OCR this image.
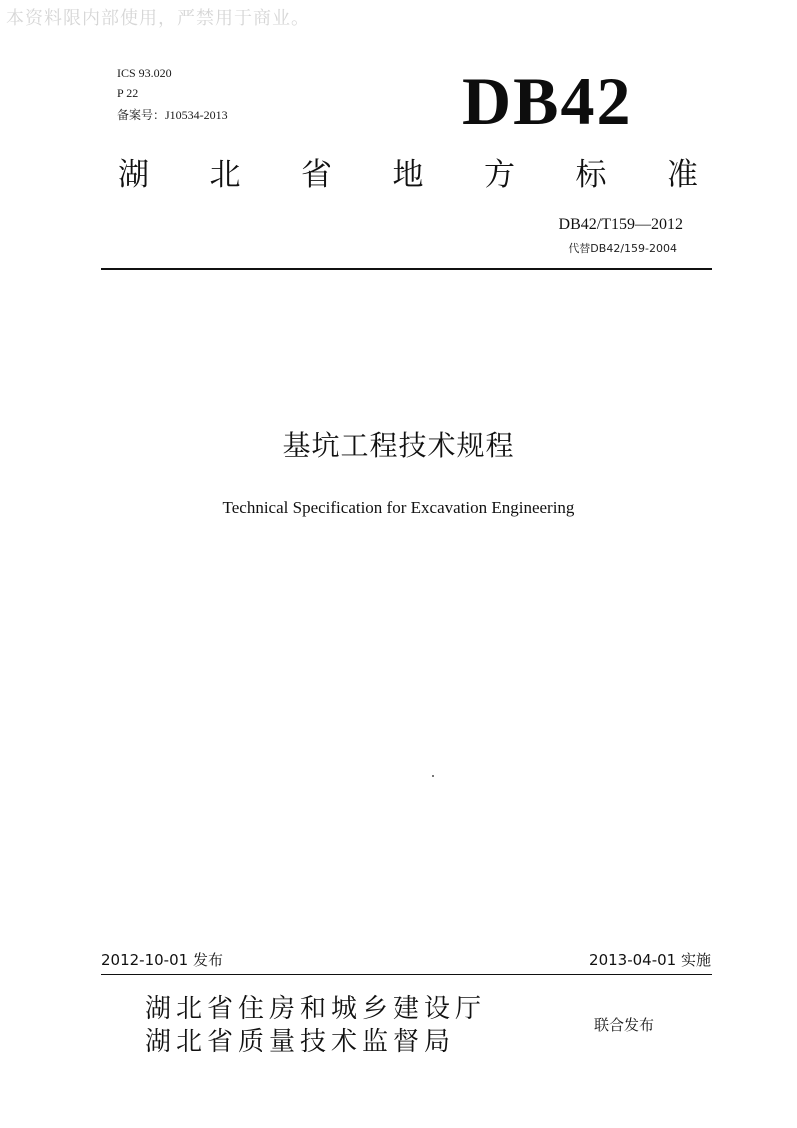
本资料限内部使用，严禁用于商业。
ICS 93.020
P 22
备案号：J10534-2013	DB42
湖 北 省 地 方 标 准
DB42/T159—2012
代替DB42/159-2004
基坑工程技术规程
Technical Specification for Excavation Engineering
2012-10-01 发布	2013-04-01 实施
湖北省住房和城乡建设厅
湖北省质量技术监督局
联合发布
